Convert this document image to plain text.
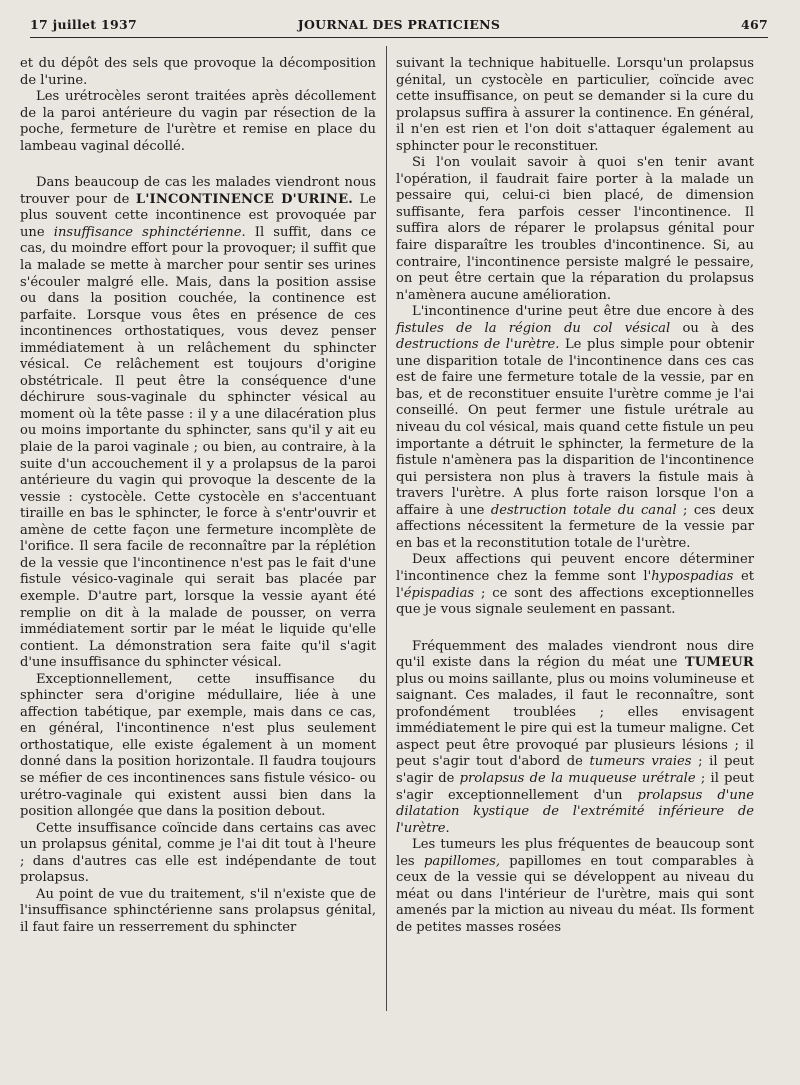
17 juillet 1937	JOURNAL DES PRATICIENS	467

et du dépôt des sels que provoque la décomposition de l'urine.

Les urétrocèles seront traitées après décollement de la paroi antérieure du vagin par résection de la poche, fermeture de l'urètre et remise en place du lambeau vaginal décollé.

Dans beaucoup de cas les malades viendront nous trouver pour de L'INCONTINENCE D'URINE. Le plus souvent cette incontinence est provoquée par une insuffisance sphinctérienne. Il suffit, dans ce cas, du moindre effort pour la provoquer; il suffit que la malade se mette à marcher pour sentir ses urines s'écouler malgré elle. Mais, dans la position assise ou dans la position couchée, la continence est parfaite. Lorsque vous êtes en présence de ces incontinences orthostatiques, vous devez penser immédiatement à un relâchement du sphincter vésical. Ce relâchement est toujours d'origine obstétricale. Il peut être la conséquence d'une déchirure sous-vaginale du sphincter vésical au moment où la tête passe : il y a une dilacération plus ou moins importante du sphincter, sans qu'il y ait eu plaie de la paroi vaginale ; ou bien, au contraire, à la suite d'un accouchement il y a prolapsus de la paroi antérieure du vagin qui provoque la descente de la vessie : cystocèle. Cette cystocèle en s'accentuant tiraille en bas le sphincter, le force à s'entr'ouvrir et amène de cette façon une fermeture incomplète de l'orifice. Il sera facile de reconnaître par la réplétion de la vessie que l'incontinence n'est pas le fait d'une fistule vésico-vaginale qui serait bas placée par exemple. D'autre part, lorsque la vessie ayant été remplie on dit à la malade de pousser, on verra immédiatement sortir par le méat le liquide qu'elle contient. La démonstration sera faite qu'il s'agit d'une insuffisance du sphincter vésical.

Exceptionnellement, cette insuffisance du sphincter sera d'origine médullaire, liée à une affection tabétique, par exemple, mais dans ce cas, en général, l'incontinence n'est plus seulement orthostatique, elle existe également à un moment donné dans la position horizontale. Il faudra toujours se méfier de ces incontinences sans fistule vésico- ou urétro-vaginale qui existent aussi bien dans la position allongée que dans la position debout.

Cette insuffisance coïncide dans certains cas avec un prolapsus génital, comme je l'ai dit tout à l'heure ; dans d'autres cas elle est indépendante de tout prolapsus.

Au point de vue du traitement, s'il n'existe que de l'insuffisance sphinctérienne sans prolapsus génital, il faut faire un resserrement du sphincter

suivant la technique habituelle. Lorsqu'un prolapsus génital, un cystocèle en particulier, coïncide avec cette insuffisance, on peut se demander si la cure du prolapsus suffira à assurer la continence. En général, il n'en est rien et l'on doit s'attaquer également au sphincter pour le reconstituer.

Si l'on voulait savoir à quoi s'en tenir avant l'opération, il faudrait faire porter à la malade un pessaire qui, celui-ci bien placé, de dimension suffisante, fera parfois cesser l'incontinence. Il suffira alors de réparer le prolapsus génital pour faire disparaître les troubles d'incontinence. Si, au contraire, l'incontinence persiste malgré le pessaire, on peut être certain que la réparation du prolapsus n'amènera aucune amélioration.

L'incontinence d'urine peut être due encore à des fistules de la région du col vésical ou à des destructions de l'urètre. Le plus simple pour obtenir une disparition totale de l'incontinence dans ces cas est de faire une fermeture totale de la vessie, par en bas, et de reconstituer ensuite l'urètre comme je l'ai conseillé. On peut fermer une fistule urétrale au niveau du col vésical, mais quand cette fistule un peu importante a détruit le sphincter, la fermeture de la fistule n'amènera pas la disparition de l'incontinence qui persistera non plus à travers la fistule mais à travers l'urètre. A plus forte raison lorsque l'on a affaire à une destruction totale du canal ; ces deux affections nécessitent la fermeture de la vessie par en bas et la reconstitution totale de l'urètre.

Deux affections qui peuvent encore déterminer l'incontinence chez la femme sont l'hypospadias et l'épispadias ; ce sont des affections exceptionnelles que je vous signale seulement en passant.

Fréquemment des malades viendront nous dire qu'il existe dans la région du méat une TUMEUR plus ou moins saillante, plus ou moins volumineuse et saignant. Ces malades, il faut le reconnaître, sont profondément troublées ; elles envisagent immédiatement le pire qui est la tumeur maligne. Cet aspect peut être provoqué par plusieurs lésions ; il peut s'agir tout d'abord de tumeurs vraies ; il peut s'agir de prolapsus de la muqueuse urétrale ; il peut s'agir exceptionnellement d'un prolapsus d'une dilatation kystique de l'extrémité inférieure de l'urètre.

Les tumeurs les plus fréquentes de beaucoup sont les papillomes, papillomes en tout comparables à ceux de la vessie qui se développent au niveau du méat ou dans l'intérieur de l'urètre, mais qui sont amenés par la miction au niveau du méat. Ils forment de petites masses rosées
